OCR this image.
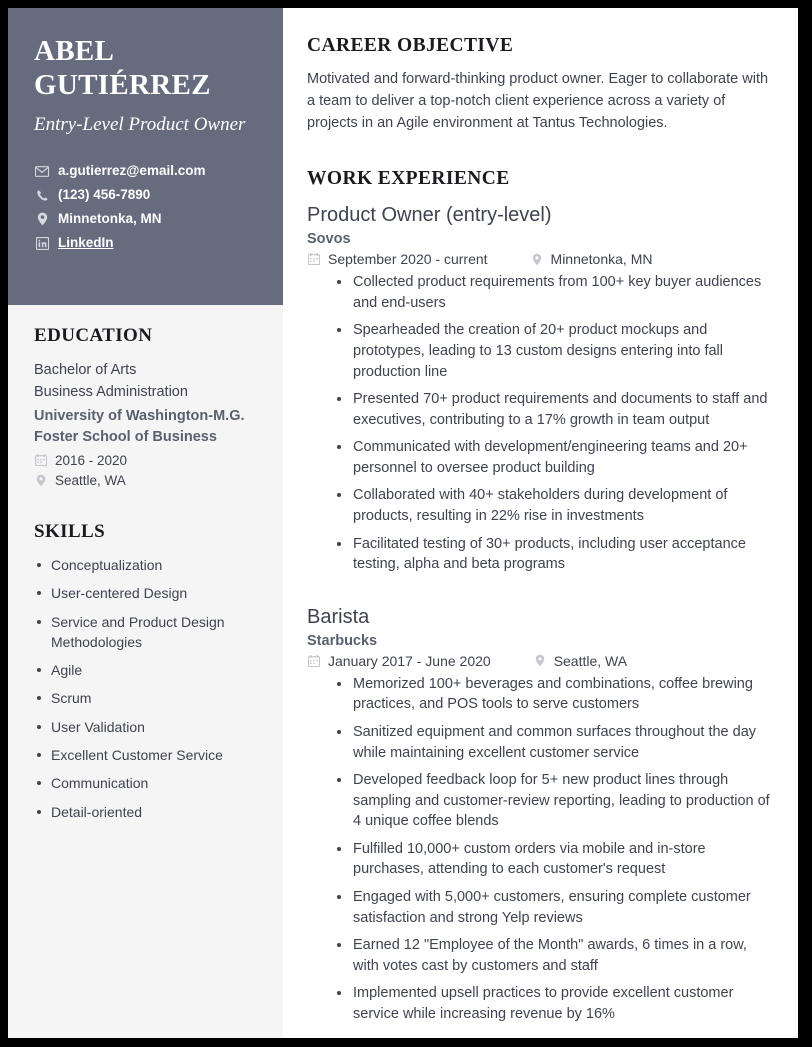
ABEL
GUTIÉRREZ
Entry-Level Product Owner
a.gutierrez@email.com
(123) 456-7890
Minnetonka, MN
LinkedIn
EDUCATION
Bachelor of Arts
Business Administration
University of Washington-M.G. Foster School of Business
2016 - 2020
Seattle, WA
SKILLS
Conceptualization
User-centered Design
Service and Product Design Methodologies
Agile
Scrum
User Validation
Excellent Customer Service
Communication
Detail-oriented
CAREER OBJECTIVE

Motivated and forward-thinking product owner. Eager to collaborate with a team to deliver a top-notch client experience across a variety of projects in an Agile environment at Tantus Technologies.

WORK EXPERIENCE
Product Owner (entry-level)
Sovos
September 2020 - current	Minnetonka, MN
Collected product requirements from 100+ key buyer audiences and end-users
Spearheaded the creation of 20+ product mockups and prototypes, leading to 13 custom designs entering into fall production line
Presented 70+ product requirements and documents to staff and executives, contributing to a 17% growth in team output
Communicated with development/engineering teams and 20+ personnel to oversee product building
Collaborated with 40+ stakeholders during development of products, resulting in 22% rise in investments
Facilitated testing of 30+ products, including user acceptance testing, alpha and beta programs
Barista
Starbucks
January 2017 - June 2020	Seattle, WA
Memorized 100+ beverages and combinations, coffee brewing practices, and POS tools to serve customers
Sanitized equipment and common surfaces throughout the day while maintaining excellent customer service
Developed feedback loop for 5+ new product lines through sampling and customer-review reporting, leading to production of 4 unique coffee blends
Fulfilled 10,000+ custom orders via mobile and in-store purchases, attending to each customer's request
Engaged with 5,000+ customers, ensuring complete customer satisfaction and strong Yelp reviews
Earned 12 "Employee of the Month" awards, 6 times in a row, with votes cast by customers and staff
Implemented upsell practices to provide excellent customer service while increasing revenue by 16%
